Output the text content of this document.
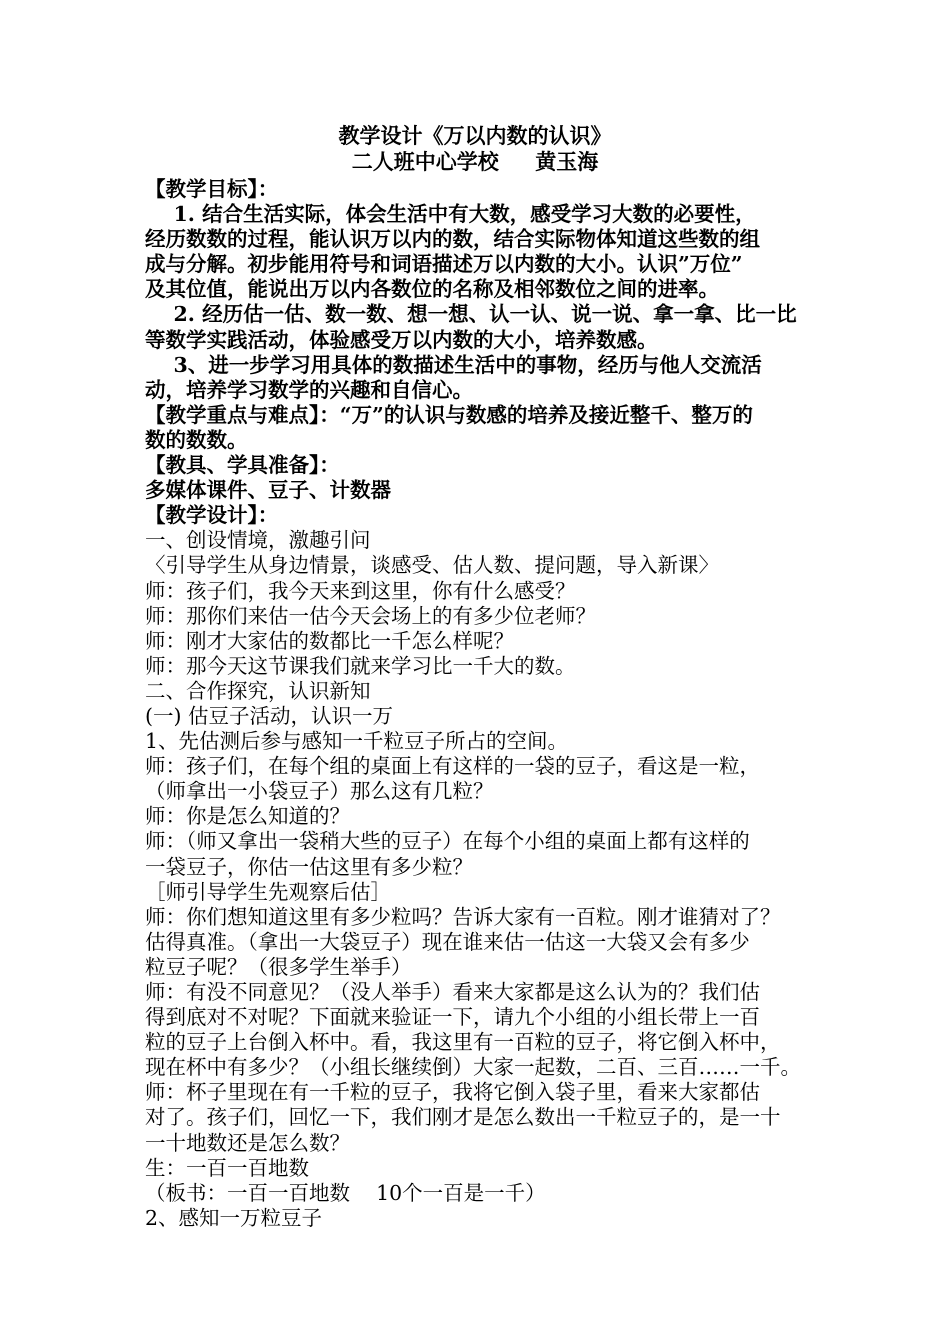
教学设计《万以内数的认识》
二人班中心学校     黄玉海
【教学目标】：
1. 结合生活实际，体会生活中有大数，感受学习大数的必要性，
经历数数的过程，能认识万以内的数，结合实际物体知道这些数的组
成与分解。初步能用符号和词语描述万以内数的大小。认识”万位”
及其位值，能说出万以内各数位的名称及相邻数位之间的进率。
2. 经历估一估、数一数、想一想、认一认、说一说、拿一拿、比一比
等数学实践活动，体验感受万以内数的大小，培养数感。
3、进一步学习用具体的数描述生活中的事物，经历与他人交流活
动，培养学习数学的兴趣和自信心。
【教学重点与难点】：“万”的认识与数感的培养及接近整千、整万的
数的数数。
【教具、学具准备】：
多媒体课件、豆子、计数器
【教学设计】：
一、创设情境，激趣引问
〈引导学生从身边情景，谈感受、估人数、提问题，导入新课〉
师：孩子们，我今天来到这里，你有什么感受？
师：那你们来估一估今天会场上的有多少位老师？
师：刚才大家估的数都比一千怎么样呢？
师：那今天这节课我们就来学习比一千大的数。
二、合作探究，认识新知
(一) 估豆子活动，认识一万
1、先估测后参与感知一千粒豆子所占的空间。
师：孩子们，在每个组的桌面上有这样的一袋的豆子，看这是一粒，
（师拿出一小袋豆子）那么这有几粒？
师：你是怎么知道的？
师：（师又拿出一袋稍大些的豆子）在每个小组的桌面上都有这样的
一袋豆子，你估一估这里有多少粒？
［师引导学生先观察后估］
师：你们想知道这里有多少粒吗？告诉大家有一百粒。刚才谁猜对了？
估得真准。（拿出一大袋豆子）现在谁来估一估这一大袋又会有多少
粒豆子呢？（很多学生举手）
师：有没不同意见？（没人举手）看来大家都是这么认为的？我们估
得到底对不对呢？下面就来验证一下，请九个小组的小组长带上一百
粒的豆子上台倒入杯中。看，我这里有一百粒的豆子，将它倒入杯中，
现在杯中有多少？（小组长继续倒）大家一起数，二百、三百……一千。
师：杯子里现在有一千粒的豆子，我将它倒入袋子里，看来大家都估
对了。孩子们，回忆一下，我们刚才是怎么数出一千粒豆子的，是一十
一十地数还是怎么数？
生：一百一百地数
（板书：一百一百地数    10个一百是一千）
2、感知一万粒豆子
